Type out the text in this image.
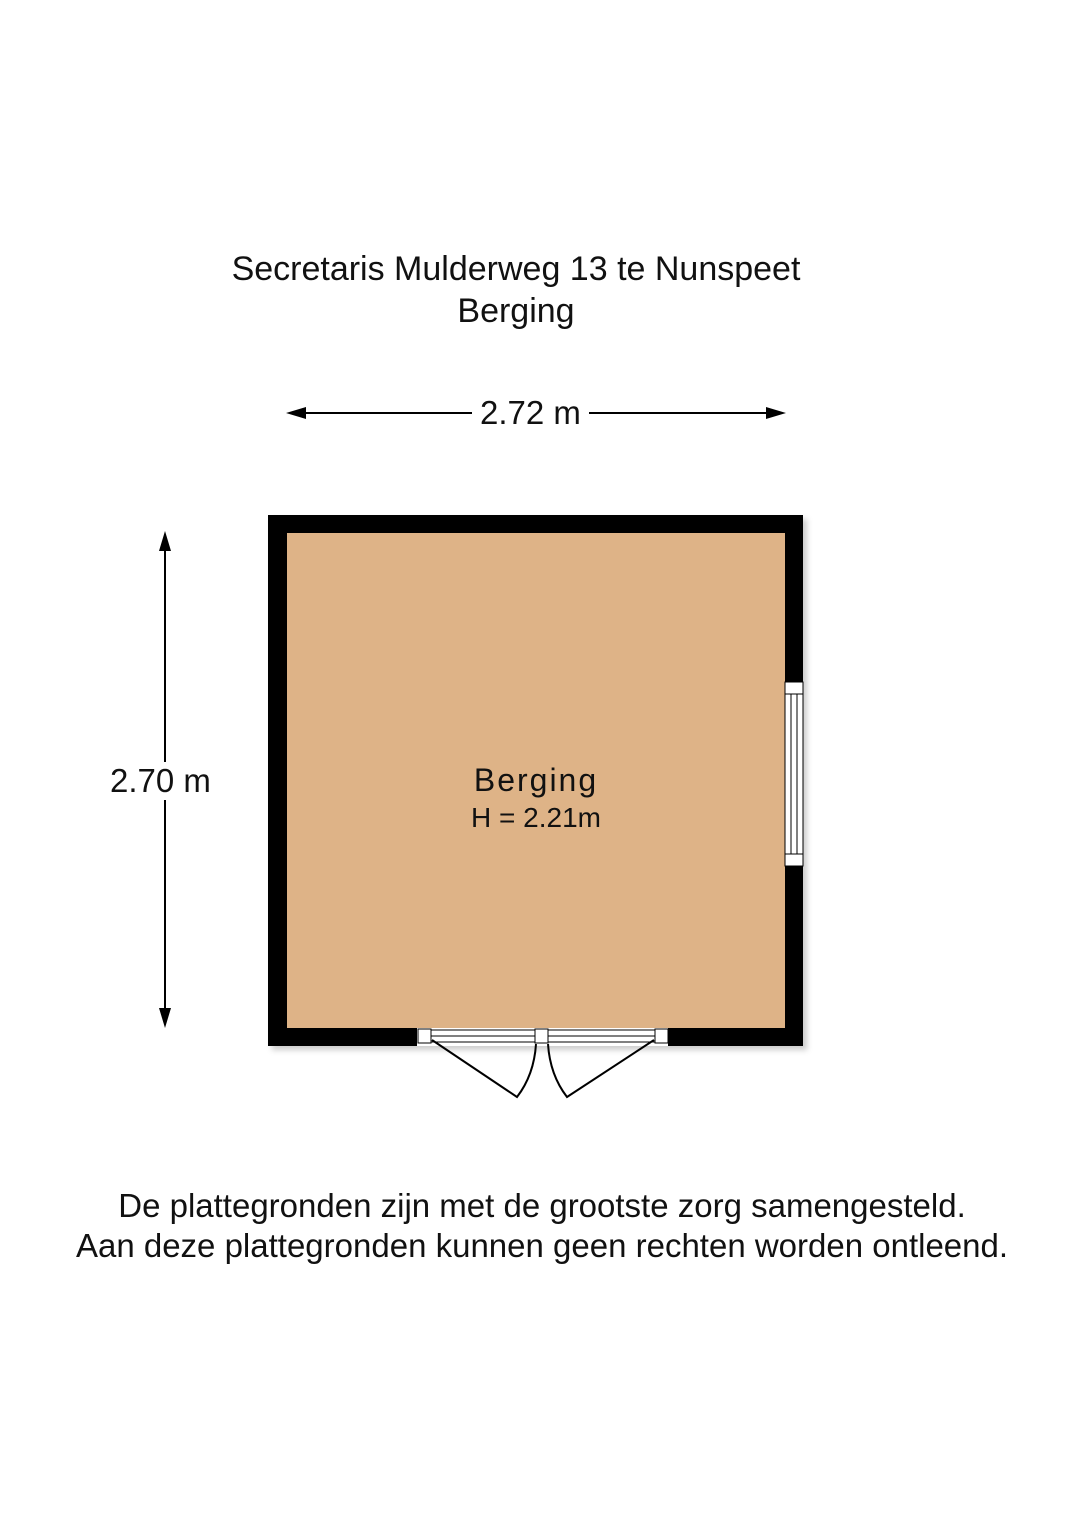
Secretaris Mulderweg 13 te Nunspeet
Berging
2.72 m
2.70 m	Berging
H = 2.21m
De plattegronden zijn met de grootste zorg samengesteld.
Aan deze plattegronden kunnen geen rechten worden ontleend.
